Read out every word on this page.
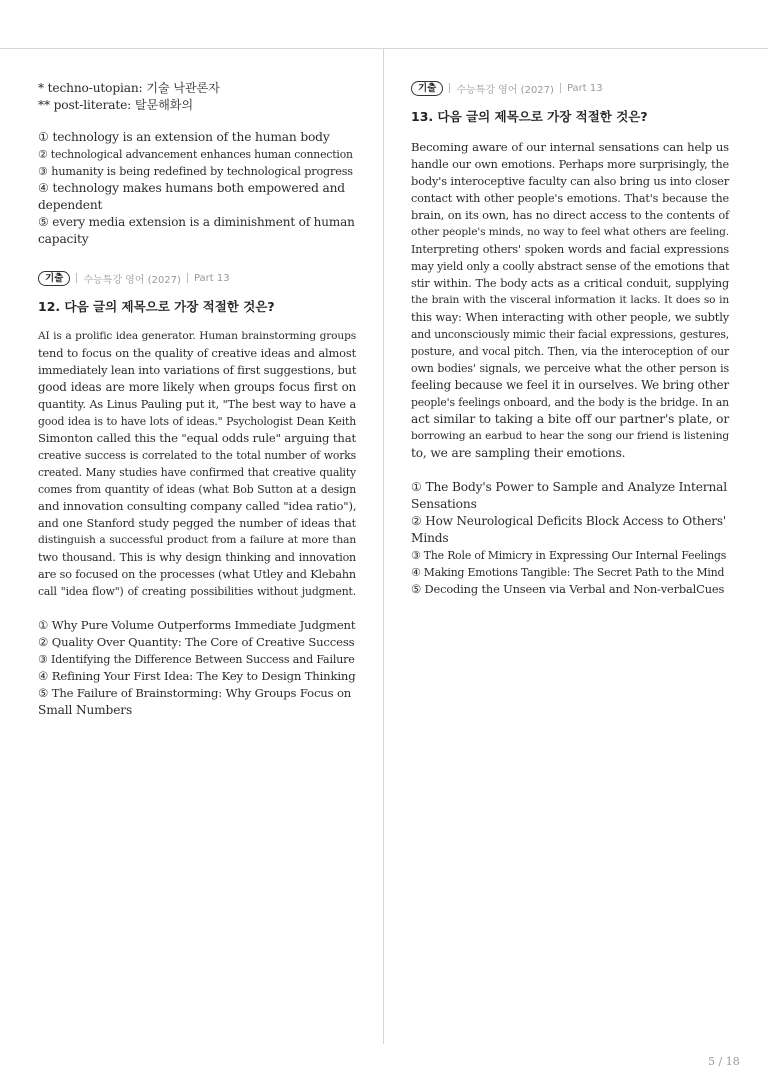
* techno-utopian: 기술 낙관론자
** post-literate: 탈문해화의
① technology is an extension of the human body
② technological advancement enhances human connection
③ humanity is being redefined by technological progress
④ technology makes humans both empowered and
dependent
⑤ every media extension is a diminishment of human
capacity
기출	수능특강 영어 (2027) Part 13
12. 다음 글의 제목으로 가장 적절한 것은?
AI is a prolific idea generator. Human brainstorming groups
tend to focus on the quality of creative ideas and almost
immediately lean into variations of first suggestions, but
good ideas are more likely when groups focus first on
quantity. As Linus Pauling put it, "The best way to have a
good idea is to have lots of ideas." Psychologist Dean Keith
Simonton called this the "equal odds rule" arguing that
creative success is correlated to the total number of works
created. Many studies have confirmed that creative quality
comes from quantity of ideas (what Bob Sutton at a design
and innovation consulting company called "idea ratio"),
and one Stanford study pegged the number of ideas that
distinguish a successful product from a failure at more than
two thousand. This is why design thinking and innovation
are so focused on the processes (what Utley and Klebahn
call "idea flow") of creating possibilities without judgment.
① Why Pure Volume Outperforms Immediate Judgment
② Quality Over Quantity: The Core of Creative Success
③ Identifying the Difference Between Success and Failure
④ Refining Your First Idea: The Key to Design Thinking
⑤ The Failure of Brainstorming: Why Groups Focus on
Small Numbers
기출	수능특강 영어 (2027) Part 13
13. 다음 글의 제목으로 가장 적절한 것은?
Becoming aware of our internal sensations can help us
handle our own emotions. Perhaps more surprisingly, the
body's interoceptive faculty can also bring us into closer
contact with other people's emotions. That's because the
brain, on its own, has no direct access to the contents of
other people's minds, no way to feel what others are feeling.
Interpreting others' spoken words and facial expressions
may yield only a coolly abstract sense of the emotions that
stir within. The body acts as a critical conduit, supplying
the brain with the visceral information it lacks. It does so in
this way: When interacting with other people, we subtly
and unconsciously mimic their facial expressions, gestures,
posture, and vocal pitch. Then, via the interoception of our
own bodies' signals, we perceive what the other person is
feeling because we feel it in ourselves. We bring other
people's feelings onboard, and the body is the bridge. In an
act similar to taking a bite off our partner's plate, or
borrowing an earbud to hear the song our friend is listening
to, we are sampling their emotions.
① The Body's Power to Sample and Analyze Internal
Sensations
② How Neurological Deficits Block Access to Others'
Minds
③ The Role of Mimicry in Expressing Our Internal Feelings
④ Making Emotions Tangible: The Secret Path to the Mind
⑤ Decoding the Unseen via Verbal and Non-verbalCues
5 / 18
